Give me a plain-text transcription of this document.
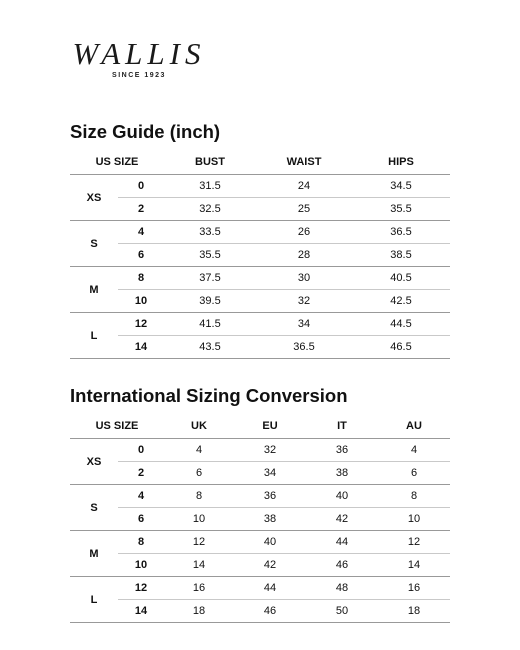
WALLIS
SINCE 1923
Size Guide (inch)
US SIZE		BUST	WAIST	HIPS
XS	0	31.5	24	34.5
	2	32.5	25	35.5
S	4	33.5	26	36.5
	6	35.5	28	38.5
M	8	37.5	30	40.5
	10	39.5	32	42.5
L	12	41.5	34	44.5
	14	43.5	36.5	46.5
International Sizing Conversion
US SIZE		UK	EU	IT	AU
XS	0	4	32	36	4
	2	6	34	38	6
S	4	8	36	40	8
	6	10	38	42	10
M	8	12	40	44	12
	10	14	42	46	14
L	12	16	44	48	16
	14	18	46	50	18
